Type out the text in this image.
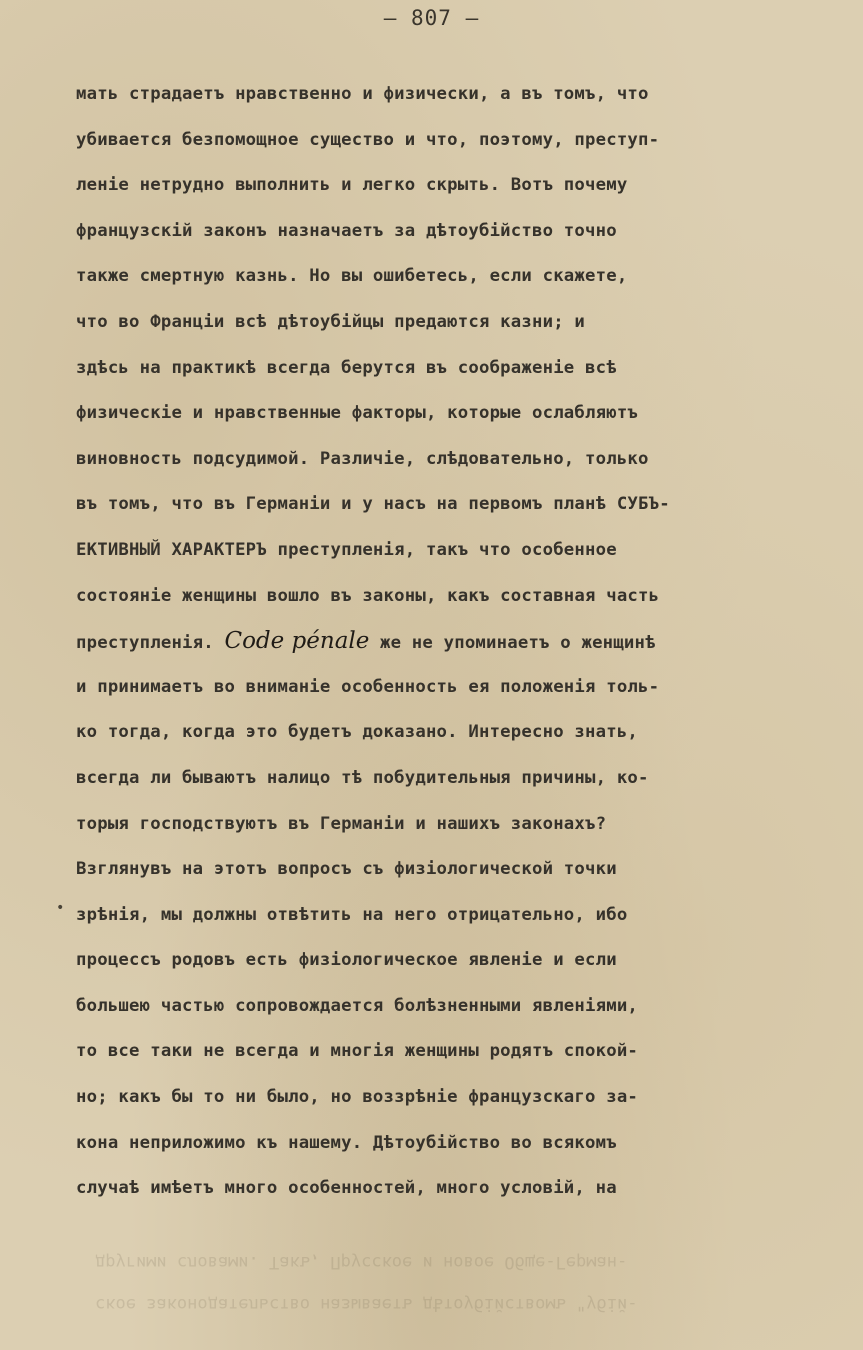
ское законодательство называетъ дѣтоубiйствомъ "убiй-
другими словами. Такъ, Прусское и новое Обще-Герман-
– 807 –
•
мать страдаетъ нравственно и физически, а въ томъ, что
убивается безпомощное существо и что, поэтому, преступ-
ленie нетрудно выполнить и легко скрыть. Вотъ почему
французскiй законъ назначаетъ за дѣтоубiйство точно
также смертную казнь. Но вы ошибетесь, если скажете,
что во Францiи всѣ дѣтоубiйцы предаются казни; и
здѣсь на практикѣ всегда берутся въ соображенie всѣ
физическie и нравственные факторы, которые ослабляютъ
виновность подсудимой. Различie, слѣдовательно, только
въ томъ, что въ Германiи и у насъ на первомъ планѣ СУБЪ-
ЕКТИВНЫЙ ХАРАКТЕРЪ преступленiя, такъ что особенное
состоянie женщины вошло въ законы, какъ составная часть
преступленiя. Code pénale же не упоминаетъ о женщинѣ
и принимаетъ во вниманie особенность ея положенiя толь-
ко тогда, когда это будетъ доказано. Интересно знать,
всегда ли бываютъ налицо тѣ побудительныя причины, ко-
торыя господствуютъ въ Германiи и нашихъ законахъ?
Взглянувъ на этотъ вопросъ съ физiологической точки
зрѣнiя, мы должны отвѣтить на него отрицательно, ибо
процессъ родовъ есть физiологическое явленie и если
большею частью сопровождается болѣзненными явленiями,
то все таки не всегда и многiя женщины родятъ спокой-
но; какъ бы то ни было, но воззрѣнie французскаго за-
кона неприложимо къ нашему. Дѣтоубiйство во всякомъ
случаѣ имѣетъ много особенностей, много условiй, на
